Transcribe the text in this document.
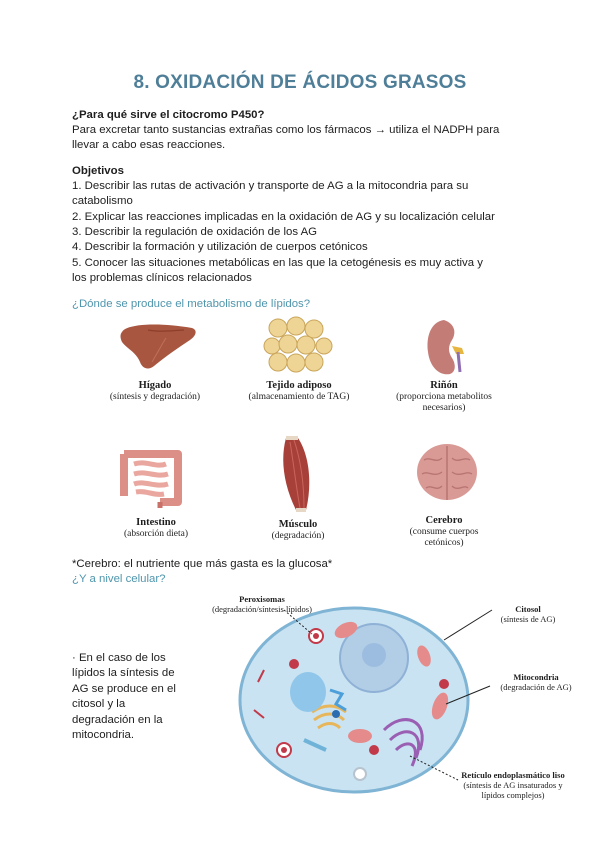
8. OXIDACIÓN DE ÁCIDOS GRASOS

¿Para qué sirve el citocromo P450?

Para excretar tanto sustancias extrañas como los fármacos → utiliza el NADPH para

llevar a cabo esas reacciones.

Objetivos

1. Describir las rutas de activación y transporte de AG a la mitocondria para su

catabolismo

2. Explicar las reacciones implicadas en la oxidación de AG y su localización celular

3. Describir la regulación de oxidación de los AG

4. Describir la formación y utilización de cuerpos cetónicos

5. Conocer las situaciones metabólicas en las que la cetogénesis es muy activa y

los problemas clínicos relacionados

¿Dónde se produce el metabolismo de lípidos?

Hígado
(síntesis y degradación)
Tejido adiposo
(almacenamiento de TAG)
Riñón
(proporciona metabolitos
necesarios)
Intestino
(absorción dieta)
Músculo
(degradación)
Cerebro
(consume cuerpos
cetónicos)

*Cerebro: el nutriente que más gasta es la glucosa*

¿Y a nivel celular?

· En el caso de los

lípidos la síntesis de

AG se produce en el

citosol y la

degradación en la

mitocondria.

Peroxisomas
(degradación/síntesis lípidos)	Citosol
(síntesis de AG)
Mitocondria
(degradación de AG)
Retículo endoplasmático liso
(síntesis de AG insaturados y
lípidos complejos)
